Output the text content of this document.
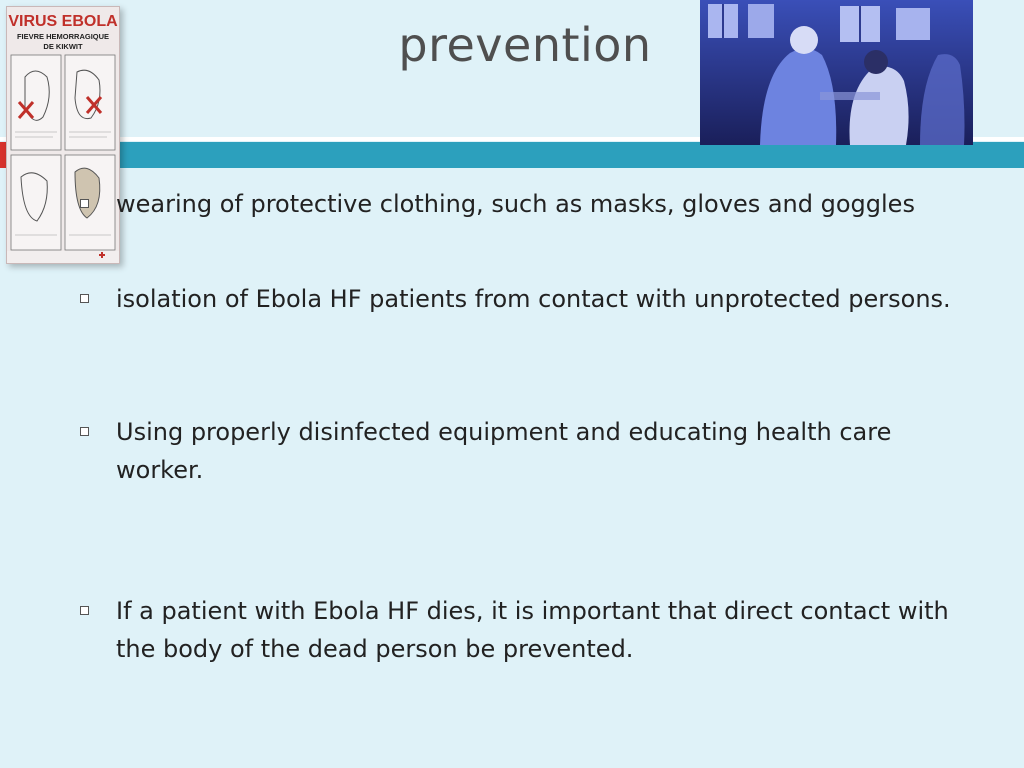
prevention
VIRUS EBOLA
FIEVRE HEMORRAGIQUE
DE KIKWIT
wearing of protective clothing, such as masks, gloves and goggles
isolation of Ebola HF patients from contact with unprotected persons.
Using properly disinfected equipment and educating health care worker.
If a patient with Ebola HF dies, it is important that direct contact with the body of the dead person be prevented.
